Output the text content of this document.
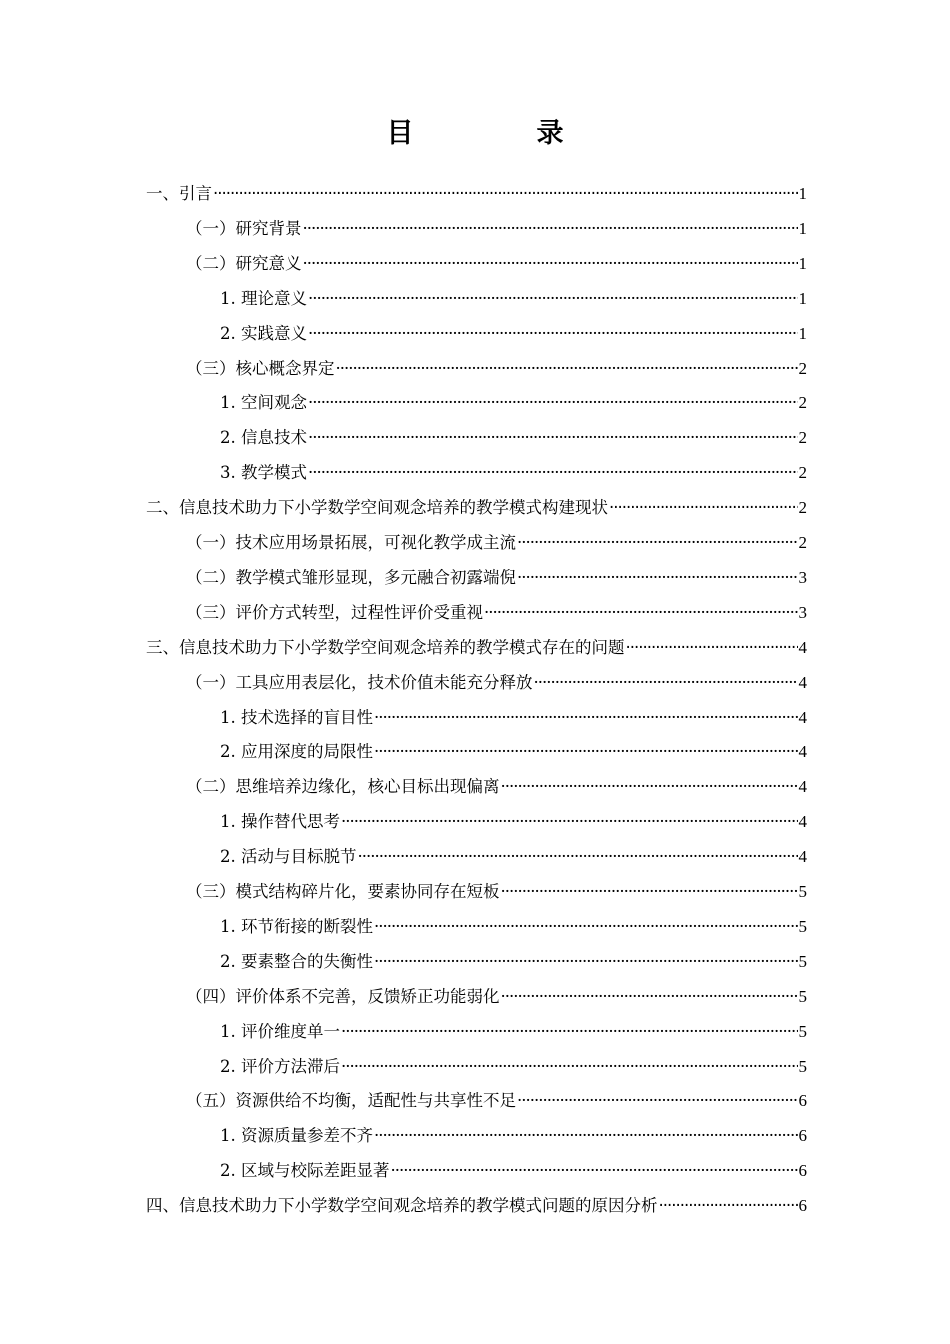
目　录
一、引言 ·····	1
（一）研究背景 ·····	1
（二）研究意义 ·····	1
1. 理论意义 ·····	1
2. 实践意义 ·····	1
（三）核心概念界定 ·····	2
1. 空间观念 ·····	2
2. 信息技术 ·····	2
3. 教学模式 ·····	2
二、信息技术助力下小学数学空间观念培养的教学模式构建现状 ·····	2
（一）技术应用场景拓展，可视化教学成主流 ·····	2
（二）教学模式雏形显现，多元融合初露端倪 ·····	3
（三）评价方式转型，过程性评价受重视 ·····	3
三、信息技术助力下小学数学空间观念培养的教学模式存在的问题 ·····	4
（一）工具应用表层化，技术价值未能充分释放 ·····	4
1. 技术选择的盲目性 ·····	4
2. 应用深度的局限性 ·····	4
（二）思维培养边缘化，核心目标出现偏离 ·····	4
1. 操作替代思考 ·····	4
2. 活动与目标脱节 ·····	4
（三）模式结构碎片化，要素协同存在短板 ·····	5
1. 环节衔接的断裂性 ·····	5
2. 要素整合的失衡性 ·····	5
（四）评价体系不完善，反馈矫正功能弱化 ·····	5
1. 评价维度单一 ·····	5
2. 评价方法滞后 ·····	5
（五）资源供给不均衡，适配性与共享性不足 ·····	6
1. 资源质量参差不齐 ·····	6
2. 区域与校际差距显著 ·····	6
四、信息技术助力下小学数学空间观念培养的教学模式问题的原因分析 ·····	6
